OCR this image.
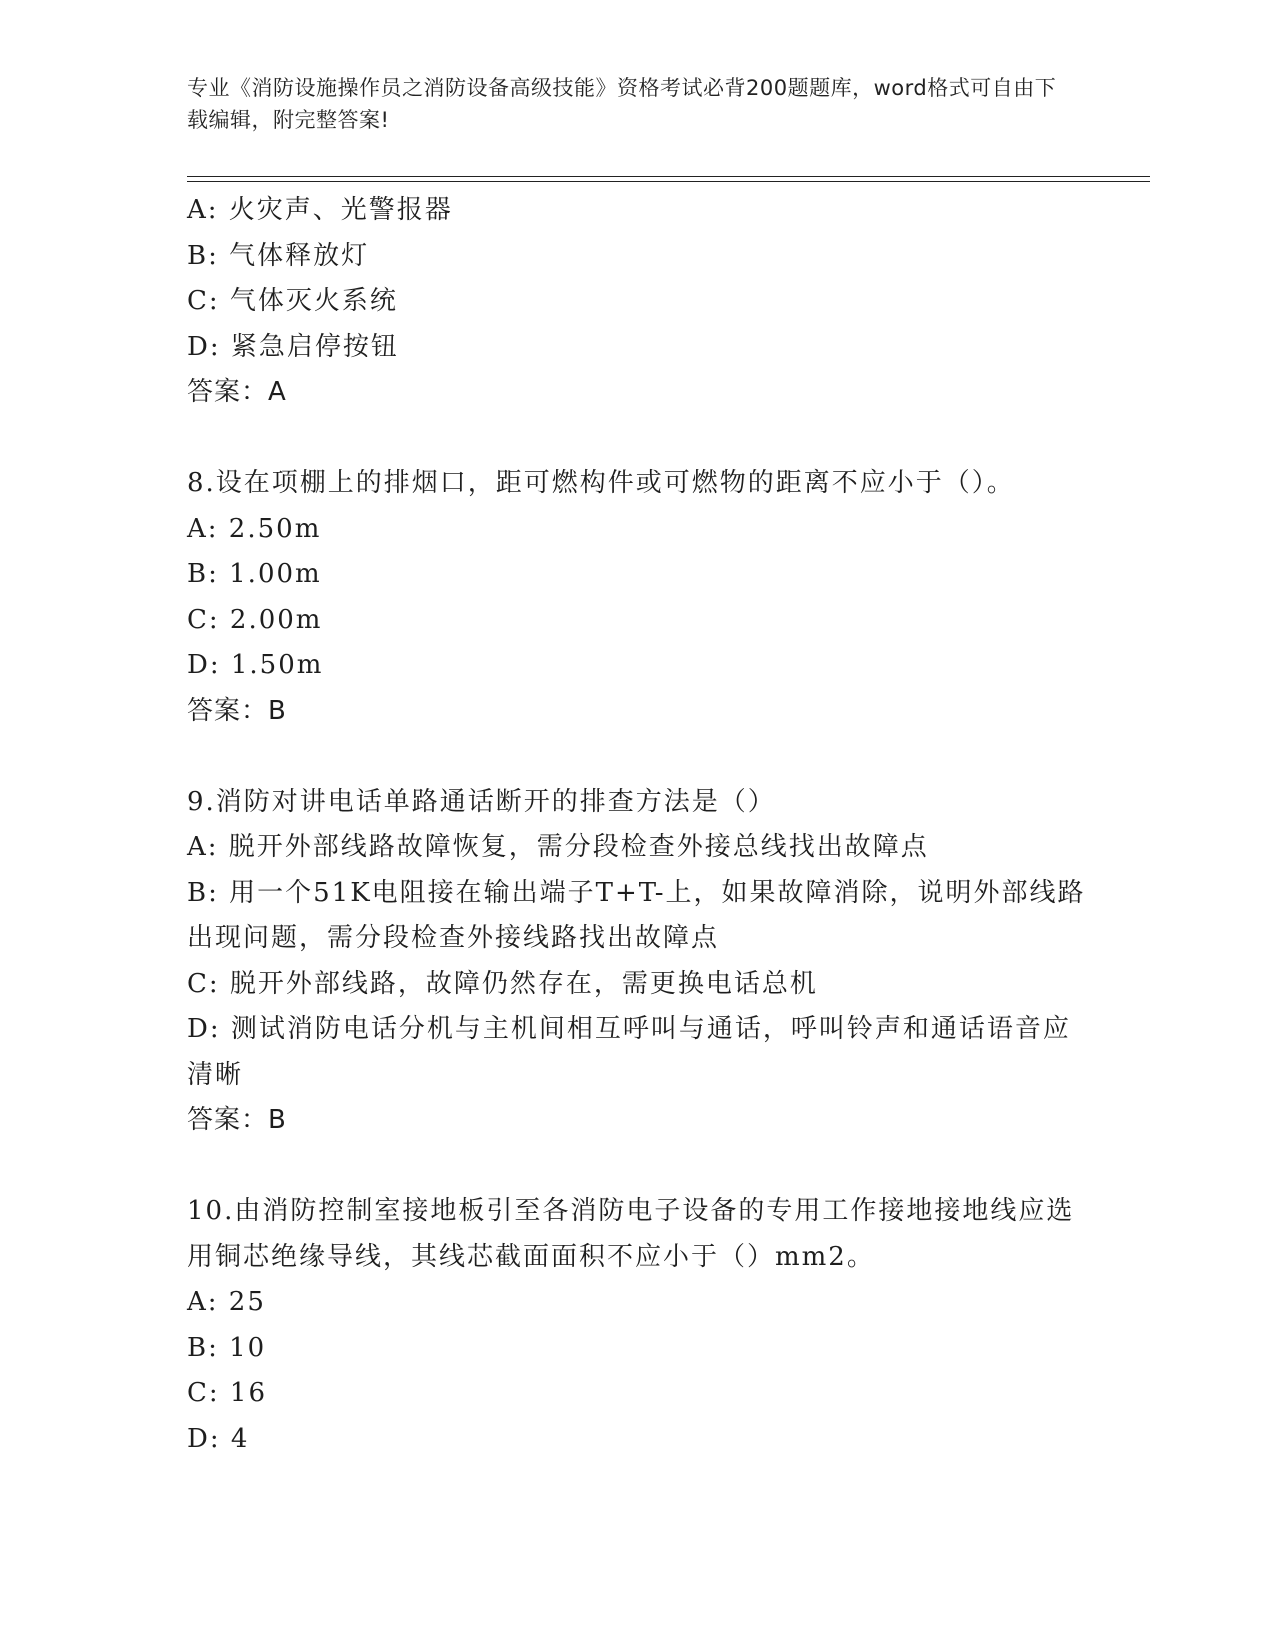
专业《消防设施操作员之消防设备高级技能》资格考试必背200题题库，word格式可自由下载编辑，附完整答案!
A: 火灾声、光警报器
B: 气体释放灯
C: 气体灭火系统
D: 紧急启停按钮
答案：A
8.设在项棚上的排烟口，距可燃构件或可燃物的距离不应小于（）。
A: 2.50m
B: 1.00m
C: 2.00m
D: 1.50m
答案：B
9.消防对讲电话单路通话断开的排查方法是（）
A: 脱开外部线路故障恢复，需分段检查外接总线找出故障点
B: 用一个51K电阻接在输出端子T+T-上，如果故障消除，说明外部线路出现问题，需分段检查外接线路找出故障点
C: 脱开外部线路，故障仍然存在，需更换电话总机
D: 测试消防电话分机与主机间相互呼叫与通话，呼叫铃声和通话语音应清晰
答案：B
10.由消防控制室接地板引至各消防电子设备的专用工作接地接地线应选用铜芯绝缘导线，其线芯截面面积不应小于（）mm2。
A: 25
B: 10
C: 16
D: 4
